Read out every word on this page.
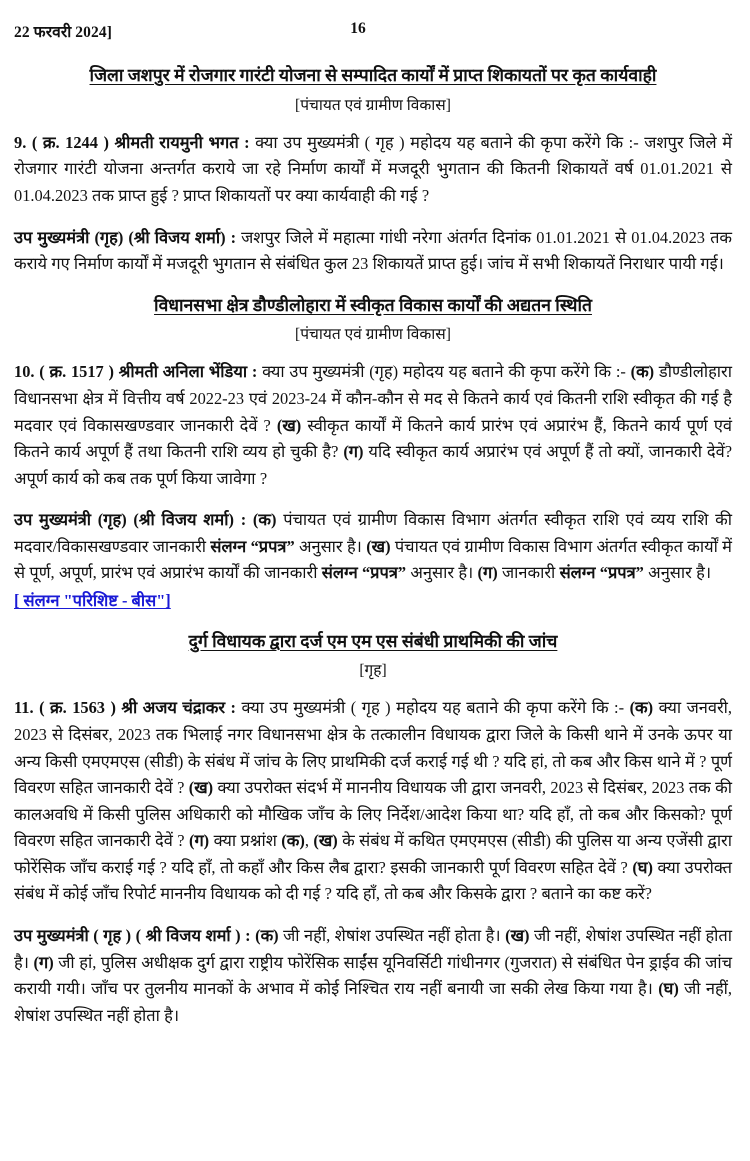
22 फरवरी 2024]	16
जिला जशपुर में रोजगार गारंटी योजना से सम्पादित कार्यों में प्राप्त शिकायतों पर कृत कार्यवाही
[पंचायत एवं ग्रामीण विकास]

9. ( क्र. 1244 ) श्रीमती रायमुनी भगत : क्या उप मुख्यमंत्री ( गृह ) महोदय यह बताने की कृपा करेंगे कि :- जशपुर जिले में रोजगार गारंटी योजना अन्तर्गत कराये जा रहे निर्माण कार्यों में मजदूरी भुगतान की कितनी शिकायतें वर्ष 01.01.2021 से 01.04.2023 तक प्राप्त हुई ? प्राप्त शिकायतों पर क्या कार्यवाही की गई ?

उप मुख्यमंत्री (गृह) (श्री विजय शर्मा) : जशपुर जिले में महात्मा गांधी नरेगा अंतर्गत दिनांक 01.01.2021 से 01.04.2023 तक कराये गए निर्माण कार्यों में मजदूरी भुगतान से संबंधित कुल 23 शिकायतें प्राप्त हुई। जांच में सभी शिकायतें निराधार पायी गई।

विधानसभा क्षेत्र डौण्डीलोहारा में स्वीकृत विकास कार्यों की अद्यतन स्थिति
[पंचायत एवं ग्रामीण विकास]

10. ( क्र. 1517 ) श्रीमती अनिला भेंडिया : क्या उप मुख्यमंत्री (गृह) महोदय यह बताने की कृपा करेंगे कि :- (क) डौण्डीलोहारा विधानसभा क्षेत्र में वित्तीय वर्ष 2022-23 एवं 2023-24 में कौन-कौन से मद से कितने कार्य एवं कितनी राशि स्वीकृत की गई है मदवार एवं विकासखण्डवार जानकारी देवें ? (ख) स्वीकृत कार्यों में कितने कार्य प्रारंभ एवं अप्रारंभ हैं, कितने कार्य पूर्ण एवं कितने कार्य अपूर्ण हैं तथा कितनी राशि व्यय हो चुकी है? (ग) यदि स्वीकृत कार्य अप्रारंभ एवं अपूर्ण हैं तो क्यों, जानकारी देवें? अपूर्ण कार्य को कब तक पूर्ण किया जावेगा ?

उप मुख्यमंत्री (गृह) (श्री विजय शर्मा) : (क) पंचायत एवं ग्रामीण विकास विभाग अंतर्गत स्वीकृत राशि एवं व्यय राशि की मदवार/विकासखण्डवार जानकारी संलग्न “प्रपत्र” अनुसार है। (ख) पंचायत एवं ग्रामीण विकास विभाग अंतर्गत स्वीकृत कार्यों में से पूर्ण, अपूर्ण, प्रारंभ एवं अप्रारंभ कार्यों की जानकारी संलग्न “प्रपत्र” अनुसार है। (ग) जानकारी संलग्न “प्रपत्र” अनुसार है।

[ संलग्न "परिशिष्ट - बीस"]
दुर्ग विधायक द्वारा दर्ज एम एम एस संबंधी प्राथमिकी की जांच
[गृह]

11. ( क्र. 1563 ) श्री अजय चंद्राकर : क्या उप मुख्यमंत्री ( गृह ) महोदय यह बताने की कृपा करेंगे कि :- (क) क्या जनवरी, 2023 से दिसंबर, 2023 तक भिलाई नगर विधानसभा क्षेत्र के तत्कालीन विधायक द्वारा जिले के किसी थाने में उनके ऊपर या अन्य किसी एमएमएस (सीडी) के संबंध में जांच के लिए प्राथमिकी दर्ज कराई गई थी ? यदि हां, तो कब और किस थाने में ? पूर्ण विवरण सहित जानकारी देवें ? (ख) क्या उपरोक्त संदर्भ में माननीय विधायक जी द्वारा जनवरी, 2023 से दिसंबर, 2023 तक की कालअवधि में किसी पुलिस अधिकारी को मौखिक जाँच के लिए निर्देश/आदेश किया था? यदि हाँ, तो कब और किसको? पूर्ण विवरण सहित जानकारी देवें ? (ग) क्या प्रश्नांश (क), (ख) के संबंध में कथित एमएमएस (सीडी) की पुलिस या अन्य एजेंसी द्वारा फोरेंसिक जाँच कराई गई ? यदि हाँ, तो कहाँ और किस लैब द्वारा? इसकी जानकारी पूर्ण विवरण सहित देवें ? (घ) क्या उपरोक्त संबंध में कोई जाँच रिपोर्ट माननीय विधायक को दी गई ? यदि हाँ, तो कब और किसके द्वारा ? बताने का कष्ट करें?

उप मुख्यमंत्री ( गृह ) ( श्री विजय शर्मा ) : (क) जी नहीं, शेषांश उपस्थित नहीं होता है। (ख) जी नहीं, शेषांश उपस्थित नहीं होता है। (ग) जी हां, पुलिस अधीक्षक दुर्ग द्वारा राष्ट्रीय फोरेंसिक साईंस यूनिवर्सिटी गांधीनगर (गुजरात) से संबंधित पेन ड्राईव की जांच करायी गयी। जाँच पर तुलनीय मानकों के अभाव में कोई निश्चित राय नहीं बनायी जा सकी लेख किया गया है। (घ) जी नहीं, शेषांश उपस्थित नहीं होता है।
